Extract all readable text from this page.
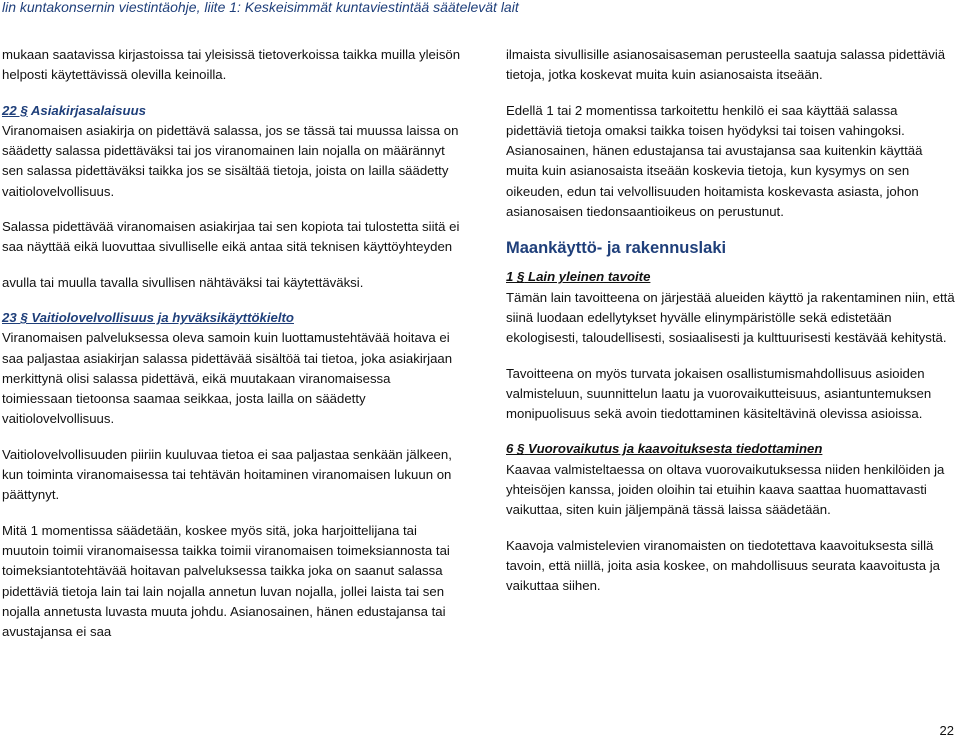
lin kuntakonsernin viestintäohje, liite 1: Keskeisimmät kuntaviestintää säätelevät lait

mukaan saatavissa kirjastoissa tai yleisissä tietoverkoissa taikka muilla yleisön helposti käytettävissä olevilla keinoilla.

22 § Asiakirjasalaisuus

Viranomaisen asiakirja on pidettävä salassa, jos se tässä tai muussa laissa on säädetty salassa pidettäväksi tai jos viranomainen lain nojalla on määrännyt sen salassa pidettäväksi taikka jos se sisältää tietoja, joista on lailla säädetty vaitiolovelvollisuus.

Salassa pidettävää viranomaisen asiakirjaa tai sen kopiota tai tulostetta siitä ei saa näyttää eikä luovuttaa sivulliselle eikä antaa sitä teknisen käyttöyhteyden

avulla tai muulla tavalla sivullisen nähtäväksi tai käytettäväksi.

23 § Vaitiolovelvollisuus ja hyväksikäyttökielto

Viranomaisen palveluksessa oleva samoin kuin luottamustehtävää hoitava ei saa paljastaa asiakirjan salassa pidettävää sisältöä tai tietoa, joka asiakirjaan merkittynä olisi salassa pidettävä, eikä muutakaan viranomaisessa toimiessaan tietoonsa saamaa seikkaa, josta lailla on säädetty vaitiolovelvollisuus.

Vaitiolovelvollisuuden piiriin kuuluvaa tietoa ei saa paljastaa senkään jälkeen, kun toiminta viranomaisessa tai tehtävän hoitaminen viranomaisen lukuun on päättynyt.

Mitä 1 momentissa säädetään, koskee myös sitä, joka harjoittelijana tai muutoin toimii viranomaisessa taikka toimii viranomaisen toimeksiannosta tai toimeksiantotehtävää hoitavan palveluksessa taikka joka on saanut salassa pidettäviä tietoja lain tai lain nojalla annetun luvan nojalla, jollei laista tai sen nojalla annetusta luvasta muuta johdu. Asianosainen, hänen edustajansa tai avustajansa ei saa

ilmaista sivullisille asianosaisaseman perusteella saatuja salassa pidettäviä tietoja, jotka koskevat muita kuin asianosaista itseään.

Edellä 1 tai 2 momentissa tarkoitettu henkilö ei saa käyttää salassa pidettäviä tietoja omaksi taikka toisen hyödyksi tai toisen vahingoksi.

Asianosainen, hänen edustajansa tai avustajansa saa kuitenkin käyttää muita kuin asianosaista itseään koskevia tietoja, kun kysymys on sen oikeuden, edun tai velvollisuuden hoitamista koskevasta asiasta, johon asianosaisen tiedonsaantioikeus on perustunut.

Maankäyttö- ja rakennuslaki

1 § Lain yleinen tavoite

Tämän lain tavoitteena on järjestää alueiden käyttö ja rakentaminen niin, että siinä luodaan edellytykset hyvälle elinympäristölle sekä edistetään ekologisesti, taloudellisesti, sosiaalisesti ja kulttuurisesti kestävää kehitystä.

Tavoitteena on myös turvata jokaisen osallistumismahdollisuus asioiden valmisteluun, suunnittelun laatu ja vuorovaikutteisuus, asiantuntemuksen monipuolisuus sekä avoin tiedottaminen käsiteltävinä olevissa asioissa.

6 § Vuorovaikutus ja kaavoituksesta tiedottaminen

Kaavaa valmisteltaessa on oltava vuorovaikutuksessa niiden henkilöiden ja yhteisöjen kanssa, joiden oloihin tai etuihin kaava saattaa huomattavasti vaikuttaa, siten kuin jäljempänä tässä laissa säädetään.

Kaavoja valmistelevien viranomaisten on tiedotettava kaavoituksesta sillä tavoin, että niillä, joita asia koskee, on mahdollisuus seurata kaavoitusta ja vaikuttaa siihen.

22
